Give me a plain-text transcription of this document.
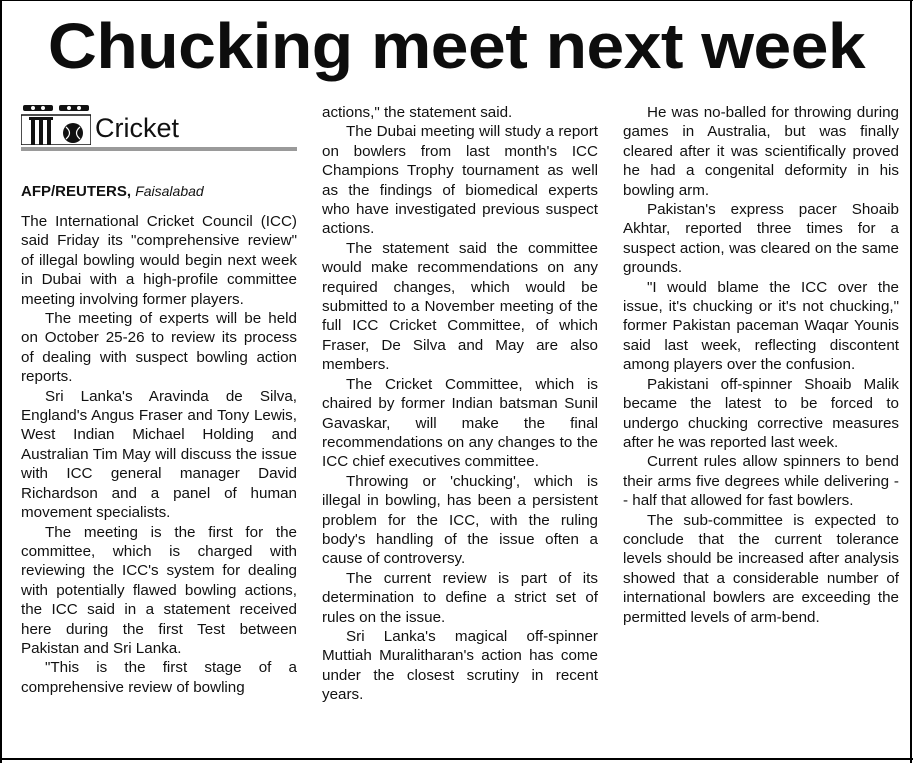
Chucking meet next week
Cricket
AFP/REUTERS, Faisalabad

The International Cricket Council (ICC) said Friday its "comprehensive review" of illegal bowling would begin next week in Dubai with a high-profile committee meeting involving former players.

The meeting of experts will be held on October 25-26 to review its process of dealing with suspect bowling action reports.

Sri Lanka's Aravinda de Silva, England's Angus Fraser and Tony Lewis, West Indian Michael Holding and Australian Tim May will discuss the issue with ICC general manager David Richardson and a panel of human movement specialists.

The meeting is the first for the committee, which is charged with reviewing the ICC's system for dealing with potentially flawed bowling actions, the ICC said in a statement received here during the first Test between Pakistan and Sri Lanka.

"This is the first stage of a comprehensive review of bowling

actions," the statement said.

The Dubai meeting will study a report on bowlers from last month's ICC Champions Trophy tournament as well as the findings of biomedical experts who have investigated previous suspect actions.

The statement said the committee would make recommendations on any required changes, which would be submitted to a November meeting of the full ICC Cricket Committee, of which Fraser, De Silva and May are also members.

The Cricket Committee, which is chaired by former Indian batsman Sunil Gavaskar, will make the final recommendations on any changes to the ICC chief executives committee.

Throwing or 'chucking', which is illegal in bowling, has been a persistent problem for the ICC, with the ruling body's handling of the issue often a cause of controversy.

The current review is part of its determination to define a strict set of rules on the issue.

Sri Lanka's magical off-spinner Muttiah Muralitharan's action has come under the closest scrutiny in recent years.

He was no-balled for throwing during games in Australia, but was finally cleared after it was scientifically proved he had a congenital deformity in his bowling arm.

Pakistan's express pacer Shoaib Akhtar, reported three times for a suspect action, was cleared on the same grounds.

"I would blame the ICC over the issue, it's chucking or it's not chucking," former Pakistan paceman Waqar Younis said last week, reflecting discontent among players over the confusion.

Pakistani off-spinner Shoaib Malik became the latest to be forced to undergo chucking corrective measures after he was reported last week.

Current rules allow spinners to bend their arms five degrees while delivering -- half that allowed for fast bowlers.

The sub-committee is expected to conclude that the current tolerance levels should be increased after analysis showed that a considerable number of international bowlers are exceeding the permitted levels of arm-bend.
